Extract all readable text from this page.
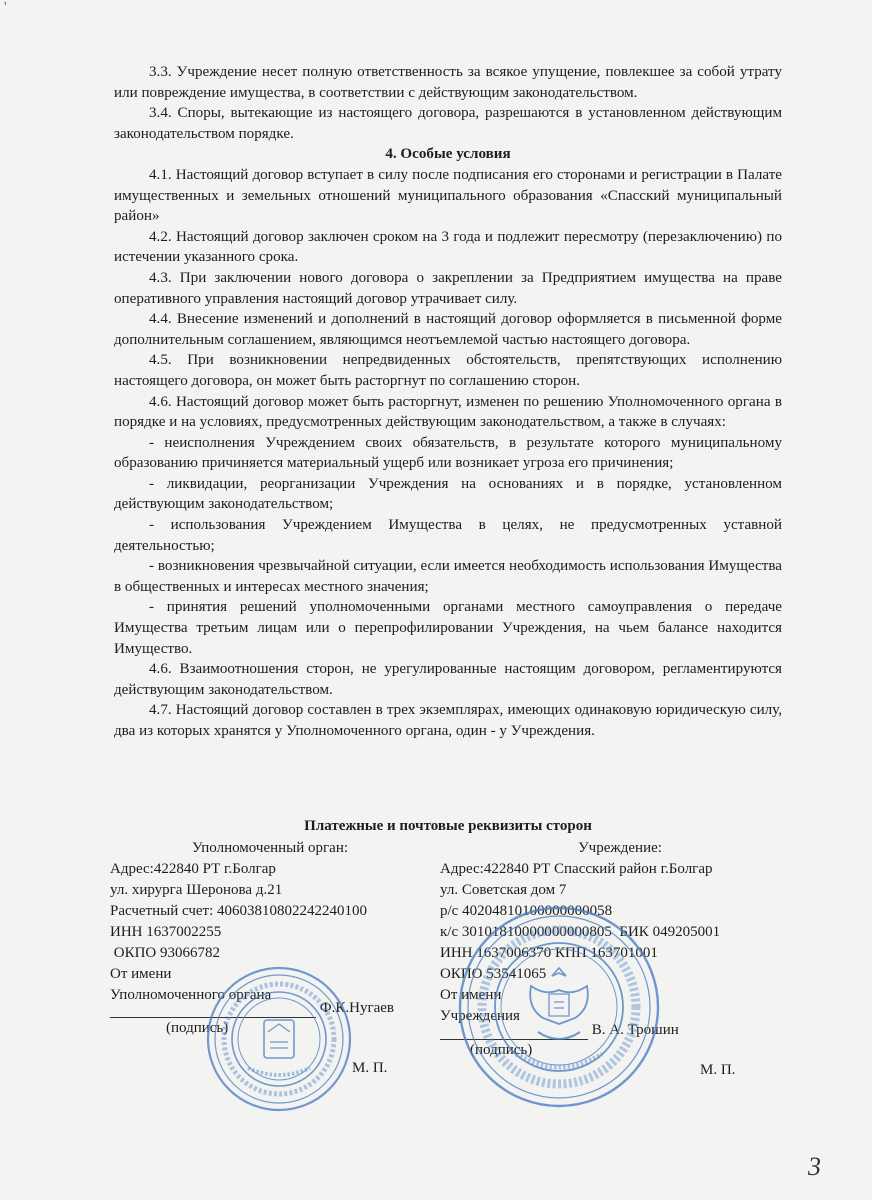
'

3.3. Учреждение несет полную ответственность за всякое упущение, повлекшее за собой утрату или повреждение имущества, в соответствии с действующим законодательством.

3.4. Споры, вытекающие из настоящего договора, разрешаются в установленном действующим законодательством порядке.

4. Особые условия

4.1. Настоящий договор вступает в силу после подписания его сторонами и регистрации в Палате имущественных и земельных отношений муниципального образования «Спасский муниципальный район»

4.2. Настоящий договор заключен сроком на 3 года и подлежит пересмотру (перезаключению) по истечении указанного срока.

4.3. При заключении нового договора о закреплении за Предприятием имущества на праве оперативного управления настоящий договор утрачивает силу.

4.4. Внесение изменений и дополнений в настоящий договор оформляется в письменной форме дополнительным соглашением, являющимся неотъемлемой частью настоящего договора.

4.5. При возникновении непредвиденных обстоятельств, препятствующих исполнению настоящего договора, он может быть расторгнут по соглашению сторон.

4.6. Настоящий договор может быть расторгнут, изменен по решению Уполномоченного органа в порядке и на условиях, предусмотренных действующим законодательством, а также в случаях:

- неисполнения Учреждением своих обязательств, в результате которого муниципальному образованию причиняется материальный ущерб или возникает угроза его причинения;

- ликвидации, реорганизации Учреждения на основаниях и в порядке, установленном действующим законодательством;

- использования Учреждением Имущества в целях, не предусмотренных уставной деятельностью;

- возникновения чрезвычайной ситуации, если имеется необходимость использования Имущества в общественных и интересах местного значения;

- принятия решений уполномоченными органами местного самоуправления о передаче Имущества третьим лицам или о перепрофилировании Учреждения, на чьем балансе находится Имущество.

4.6. Взаимоотношения сторон, не урегулированные настоящим договором, регламентируются действующим законодательством.

4.7. Настоящий договор составлен в трех экземплярах, имеющих одинаковую юридическую силу, два из которых хранятся у Уполномоченного органа, один - у Учреждения.

Платежные и почтовые реквизиты сторон
Уполномоченный орган:
Адрес:422840 РТ г.Болгар
ул. хирурга Шеронова д.21
Расчетный счет: 40603810802242240100
ИНН 1637002255
ОКПО 93066782
От имени
Уполномоченного органа
Ф.К.Нугаев
(подпись)
М. П.
Учреждение:
Адрес:422840 РТ Спасский район г.Болгар
ул. Советская дом 7
р/с 40204810100000000058
к/с 30101810000000000805  БИК 049205001
ИНН 1637006370 КПП 163701001
ОКПО 53541065
От имени
Учреждения
В. А. Трошин
(подпись)
М. П.
3
